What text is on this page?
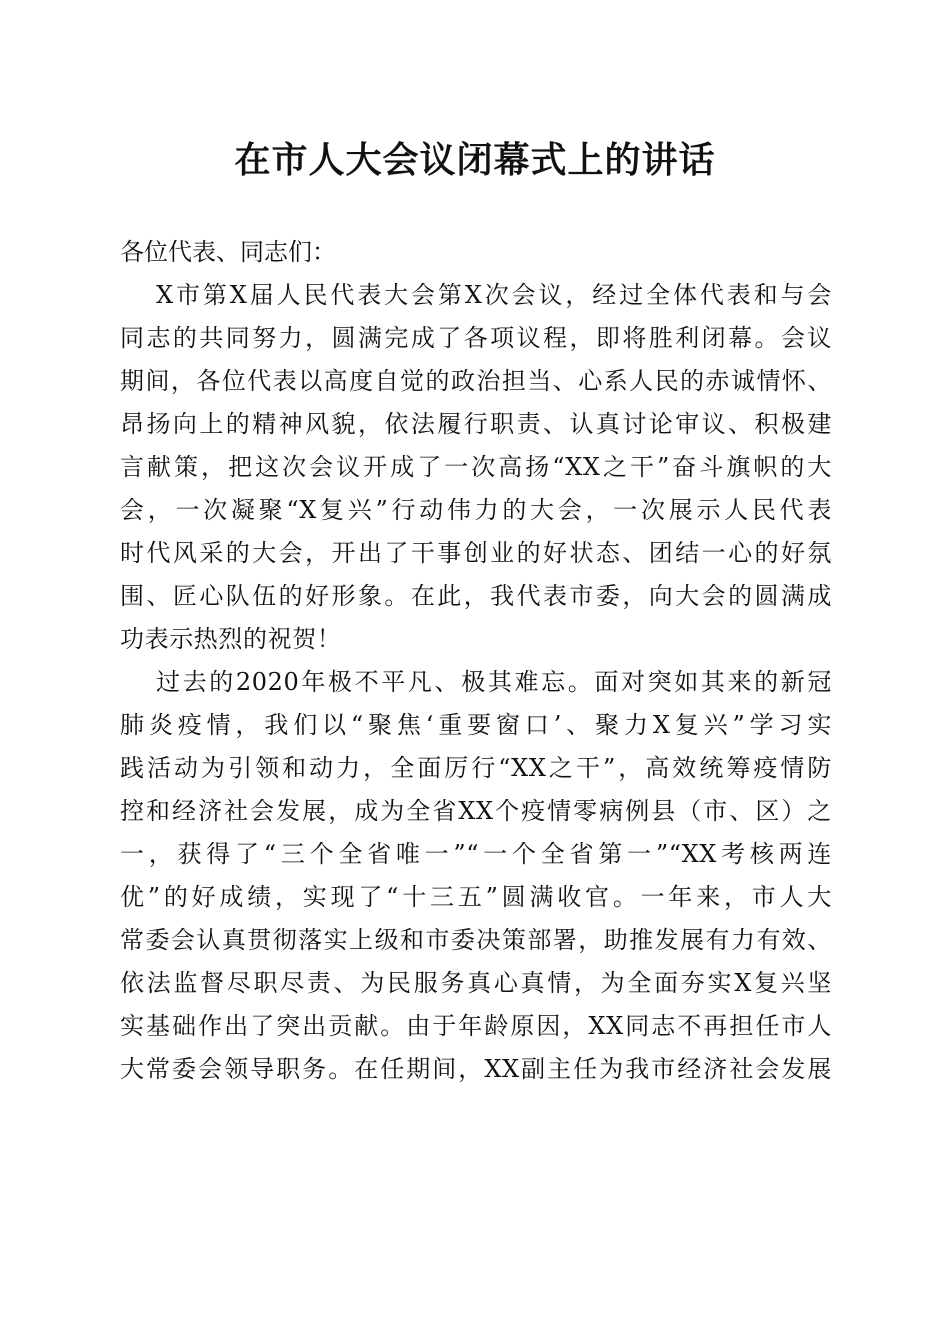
在市人大会议闭幕式上的讲话

各位代表、同志们：

X市第X届人民代表大会第X次会议，经过全体代表和与会
同志的共同努力，圆满完成了各项议程，即将胜利闭幕。会议
期间，各位代表以高度自觉的政治担当、心系人民的赤诚情怀、
昂扬向上的精神风貌，依法履行职责、认真讨论审议、积极建
言献策，把这次会议开成了一次高扬“XX之干”奋斗旗帜的大
会，一次凝聚“X复兴”行动伟力的大会，一次展示人民代表
时代风采的大会，开出了干事创业的好状态、团结一心的好氛
围、匠心队伍的好形象。在此，我代表市委，向大会的圆满成
功表示热烈的祝贺！
过去的2020年极不平凡、极其难忘。面对突如其来的新冠
肺炎疫情，我们以“聚焦‘重要窗口’、聚力X复兴”学习实
践活动为引领和动力，全面厉行“XX之干”，高效统筹疫情防
控和经济社会发展，成为全省XX个疫情零病例县（市、区）之
一，获得了“三个全省唯一”“一个全省第一”“XX考核两连
优”的好成绩，实现了“十三五”圆满收官。一年来，市人大
常委会认真贯彻落实上级和市委决策部署，助推发展有力有效、
依法监督尽职尽责、为民服务真心真情，为全面夯实X复兴坚
实基础作出了突出贡献。由于年龄原因，XX同志不再担任市人
大常委会领导职务。在任期间，XX副主任为我市经济社会发展
